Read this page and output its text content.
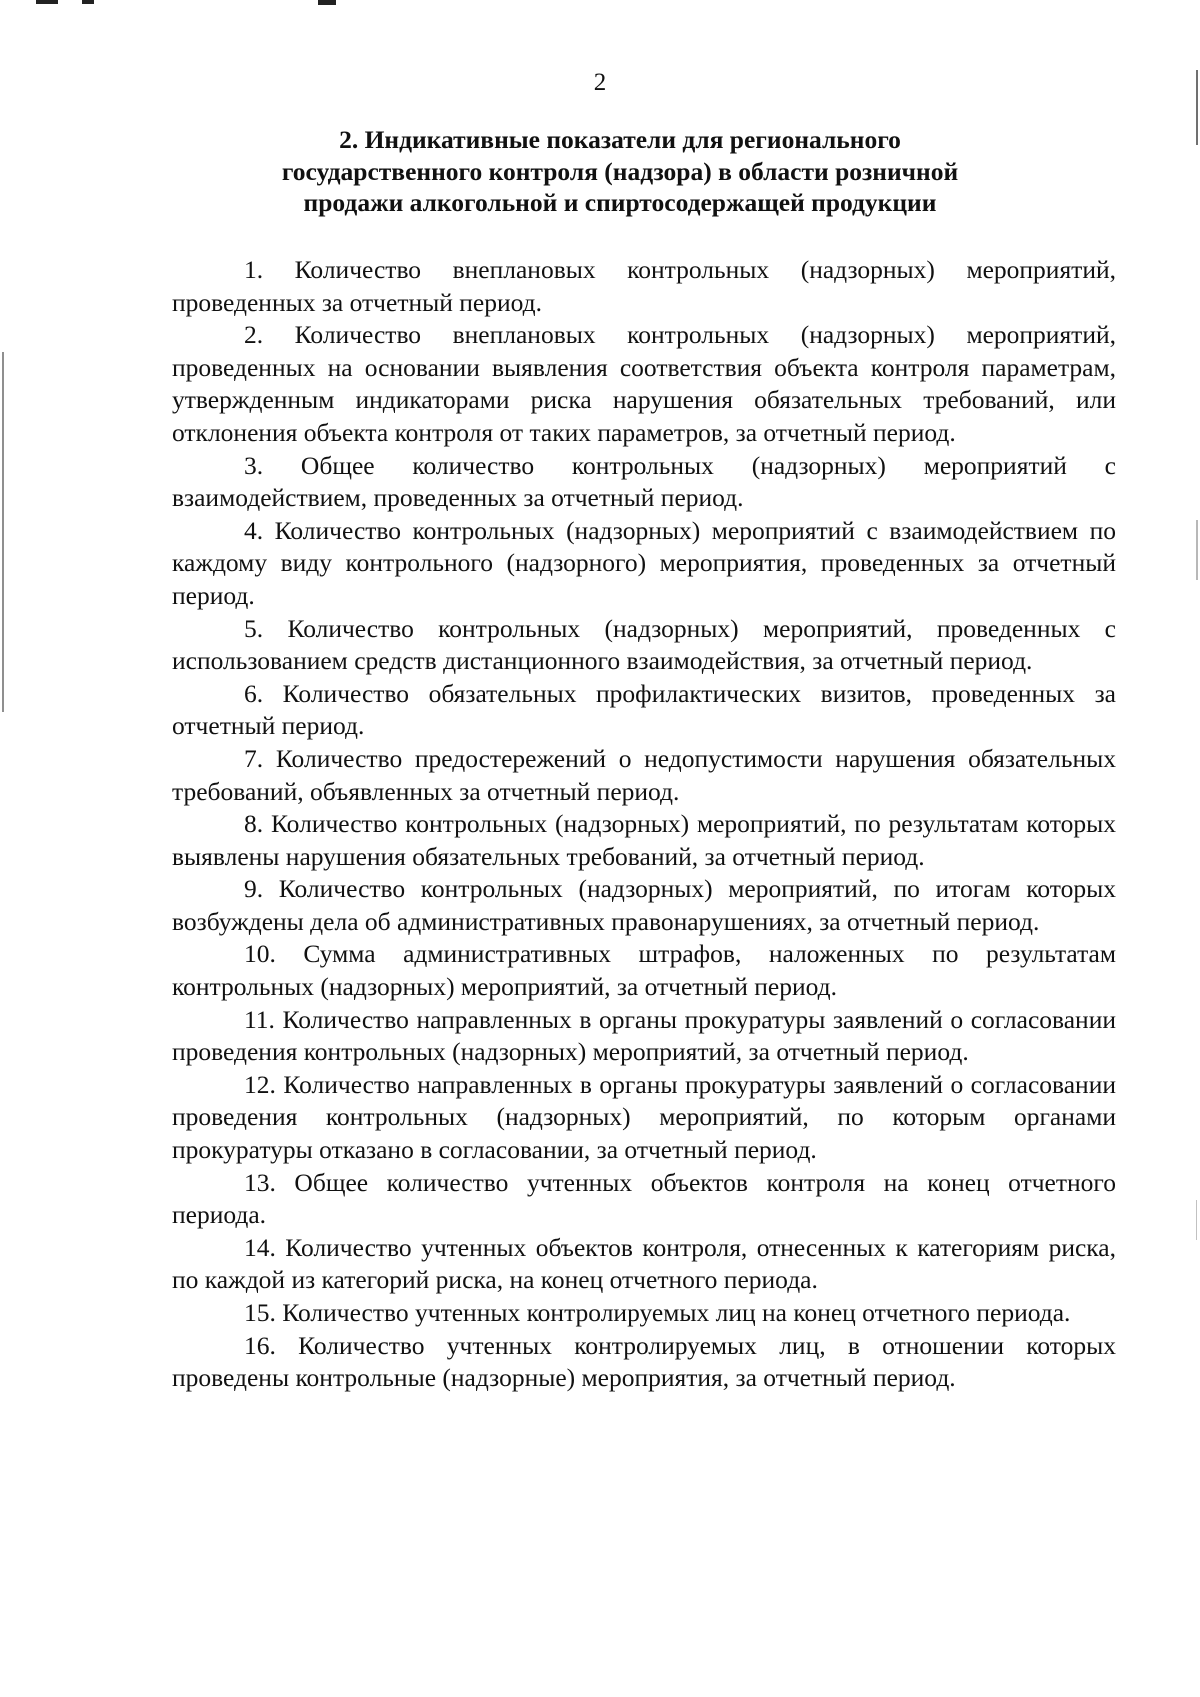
2
2. Индикативные показатели для регионального
государственного контроля (надзора) в области розничной
продажи алкогольной и спиртосодержащей продукции

1. Количество внеплановых контрольных (надзорных) мероприятий, проведенных за отчетный период.

2. Количество внеплановых контрольных (надзорных) мероприятий, проведенных на основании выявления соответствия объекта контроля параметрам, утвержденным индикаторами риска нарушения обязательных требований, или отклонения объекта контроля от таких параметров, за отчетный период.

3. Общее количество контрольных (надзорных) мероприятий с взаимодействием, проведенных за отчетный период.

4. Количество контрольных (надзорных) мероприятий с взаимодействием по каждому виду контрольного (надзорного) мероприятия, проведенных за отчетный период.

5. Количество контрольных (надзорных) мероприятий, проведенных с использованием средств дистанционного взаимодействия, за отчетный период.

6. Количество обязательных профилактических визитов, проведенных за отчетный период.

7. Количество предостережений о недопустимости нарушения обязательных требований, объявленных за отчетный период.

8. Количество контрольных (надзорных) мероприятий, по результатам которых выявлены нарушения обязательных требований, за отчетный период.

9. Количество контрольных (надзорных) мероприятий, по итогам которых возбуждены дела об административных правонарушениях, за отчетный период.

10. Сумма административных штрафов, наложенных по результатам контрольных (надзорных) мероприятий, за отчетный период.

11. Количество направленных в органы прокуратуры заявлений о согласовании проведения контрольных (надзорных) мероприятий, за отчетный период.

12. Количество направленных в органы прокуратуры заявлений о согласовании проведения контрольных (надзорных) мероприятий, по которым органами прокуратуры отказано в согласовании, за отчетный период.

13. Общее количество учтенных объектов контроля на конец отчетного периода.

14. Количество учтенных объектов контроля, отнесенных к категориям риска, по каждой из категорий риска, на конец отчетного периода.

15. Количество учтенных контролируемых лиц на конец отчетного периода.

16. Количество учтенных контролируемых лиц, в отношении которых проведены контрольные (надзорные) мероприятия, за отчетный период.
